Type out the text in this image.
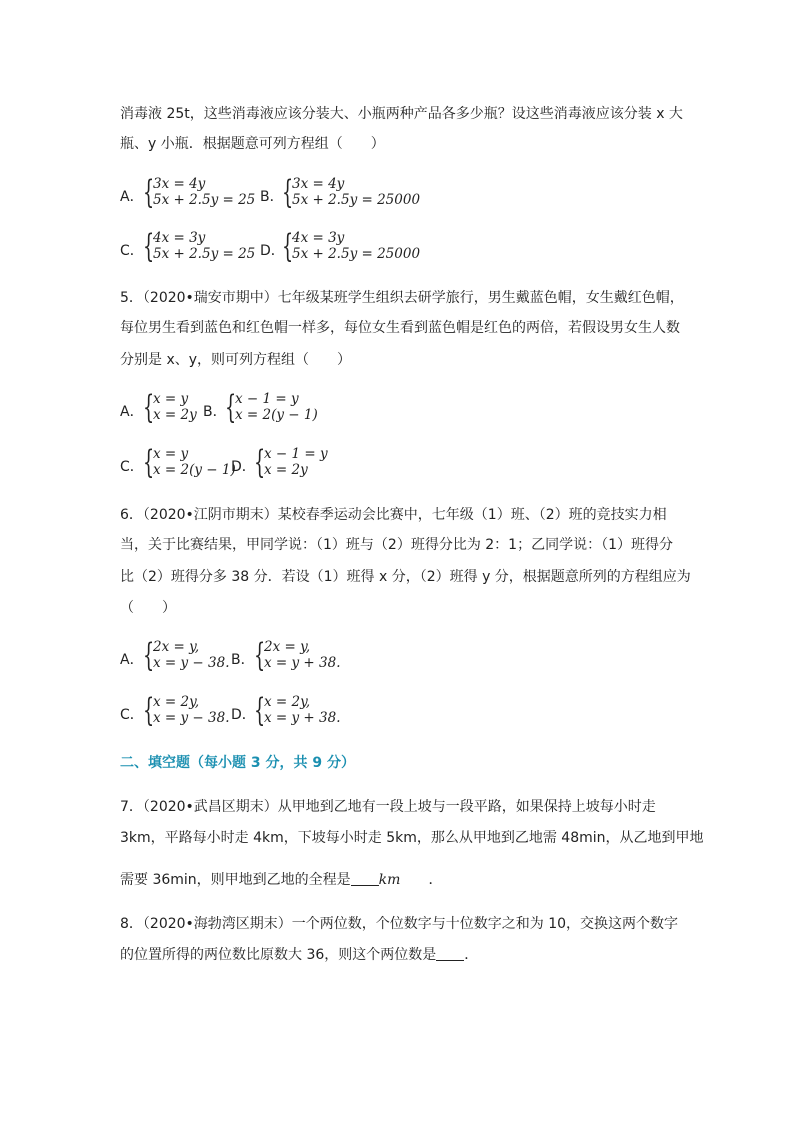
消毒液 25t，这些消毒液应该分装大、小瓶两种产品各多少瓶？设这些消毒液应该分装 x 大
瓶、y 小瓶．根据题意可列方程组（　　）
A． {
3x = 4y
5x + 2.5y = 25 B．
{
3x = 4y
5x + 2.5y = 25000
C． {
4x = 3y
5x + 2.5y = 25 D．
{
4x = 3y
5x + 2.5y = 25000
5．（2020•瑞安市期中）七年级某班学生组织去研学旅行，男生戴蓝色帽，女生戴红色帽，
每位男生看到蓝色和红色帽一样多，每位女生看到蓝色帽是红色的两倍，若假设男女生人数
分别是 x、y，则可列方程组（　　）
A． {
x = y
x = 2y B．
{
x − 1 = y
x = 2(y − 1)
C． {
x = y
x = 2(y − 1)
D．
{
x − 1 = y
x = 2y
6．（2020•江阴市期末）某校春季运动会比赛中，七年级（1）班、（2）班的竞技实力相
当，关于比赛结果，甲同学说：（1）班与（2）班得分比为 2：1；乙同学说：（1）班得分
比（2）班得分多 38 分．若设（1）班得 x 分，（2）班得 y 分，根据题意所列的方程组应为
（　　）
A． {
2x = y,
x = y − 38. B． {
2x = y,
x = y + 38.
C． {
x = 2y,
x = y − 38. D．
{
x = 2y,
x = y + 38.
二、填空题（每小题 3 分，共 9 分）
7．（2020•武昌区期末）从甲地到乙地有一段上坡与一段平路，如果保持上坡每小时走
3km，平路每小时走 4km，下坡每小时走 5km，那么从甲地到乙地需 48min，从乙地到甲地
需要 36min，则甲地到乙地的全程是 km ．
8．（2020•海勃湾区期末）一个两位数，个位数字与十位数字之和为 10，交换这两个数字
的位置所得的两位数比原数大 36，则这个两位数是 ．
